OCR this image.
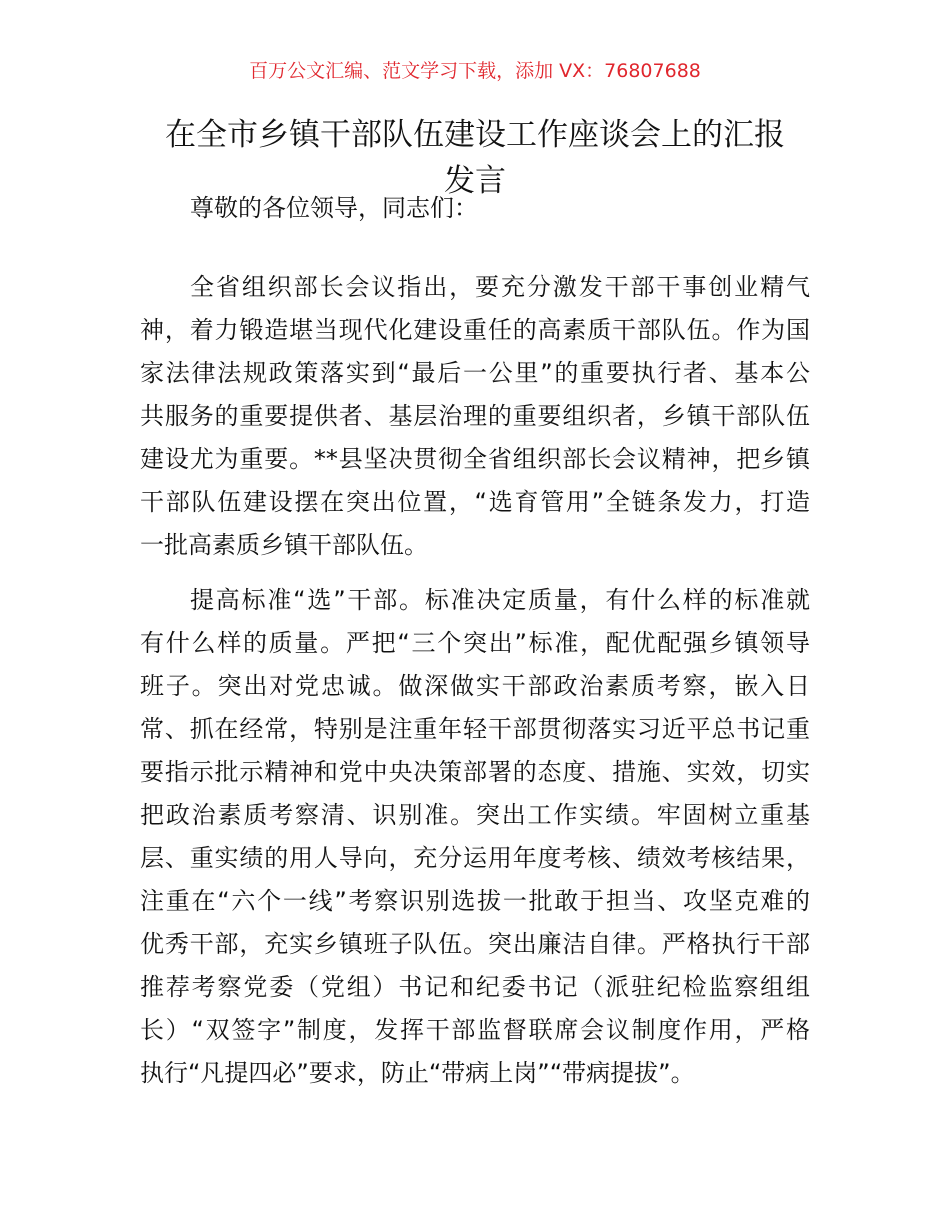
百万公文汇编、范文学习下载，添加 VX：76807688
在全市乡镇干部队伍建设工作座谈会上的汇报
发言
尊敬的各位领导，同志们：
全省组织部长会议指出，要充分激发干部干事创业精气
神，着力锻造堪当现代化建设重任的高素质干部队伍。作为国
家法律法规政策落实到“最后一公里”的重要执行者、基本公
共服务的重要提供者、基层治理的重要组织者，乡镇干部队伍
建设尤为重要。**县坚决贯彻全省组织部长会议精神，把乡镇
干部队伍建设摆在突出位置，“选育管用”全链条发力，打造
一批高素质乡镇干部队伍。
提高标准“选”干部。标准决定质量，有什么样的标准就
有什么样的质量。严把“三个突出”标准，配优配强乡镇领导
班子。突出对党忠诚。做深做实干部政治素质考察，嵌入日
常、抓在经常，特别是注重年轻干部贯彻落实习近平总书记重
要指示批示精神和党中央决策部署的态度、措施、实效，切实
把政治素质考察清、识别准。突出工作实绩。牢固树立重基
层、重实绩的用人导向，充分运用年度考核、绩效考核结果，
注重在“六个一线”考察识别选拔一批敢于担当、攻坚克难的
优秀干部，充实乡镇班子队伍。突出廉洁自律。严格执行干部
推荐考察党委（党组）书记和纪委书记（派驻纪检监察组组
长）“双签字”制度，发挥干部监督联席会议制度作用，严格
执行“凡提四必”要求，防止“带病上岗”“带病提拔”。
